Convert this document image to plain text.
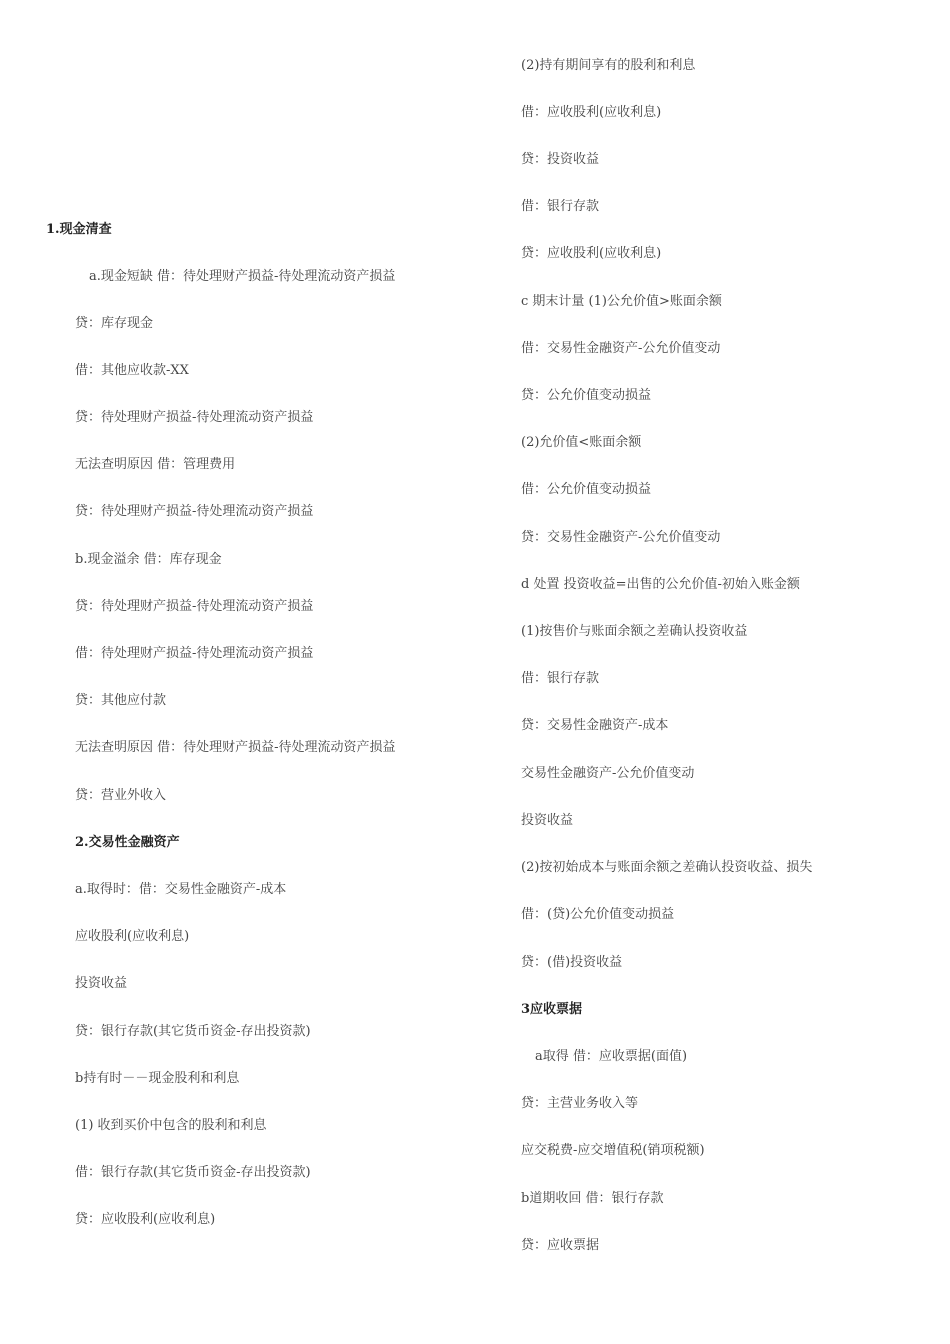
1.现金清查
a.现金短缺 借：待处理财产损益-待处理流动资产损益
贷：库存现金
借：其他应收款-XX
贷：待处理财产损益-待处理流动资产损益
无法查明原因 借：管理费用
贷：待处理财产损益-待处理流动资产损益
b.现金溢余 借：库存现金
贷：待处理财产损益-待处理流动资产损益
借：待处理财产损益-待处理流动资产损益
贷：其他应付款
无法查明原因 借：待处理财产损益-待处理流动资产损益
贷：营业外收入
2.交易性金融资产
a.取得时：借：交易性金融资产-成本
应收股利(应收利息)
投资收益
贷：银行存款(其它货币资金-存出投资款)
b持有时－－现金股利和利息
(1) 收到买价中包含的股利和利息
借：银行存款(其它货币资金-存出投资款)
贷：应收股利(应收利息)
(2)持有期间享有的股利和利息
借：应收股利(应收利息)
贷：投资收益
借：银行存款
贷：应收股利(应收利息)
c 期末计量 (1)公允价值>账面余额
借：交易性金融资产-公允价值变动
贷：公允价值变动损益
(2)允价值<账面余额
借：公允价值变动损益
贷：交易性金融资产-公允价值变动
d 处置 投资收益=出售的公允价值-初始入账金额
(1)按售价与账面余额之差确认投资收益
借：银行存款
贷：交易性金融资产-成本
交易性金融资产-公允价值变动
投资收益
(2)按初始成本与账面余额之差确认投资收益、损失
借：(贷)公允价值变动损益
贷：(借)投资收益
3应收票据
a取得 借：应收票据(面值)
贷：主营业务收入等
应交税费-应交增值税(销项税额)
b道期收回 借：银行存款
贷：应收票据
